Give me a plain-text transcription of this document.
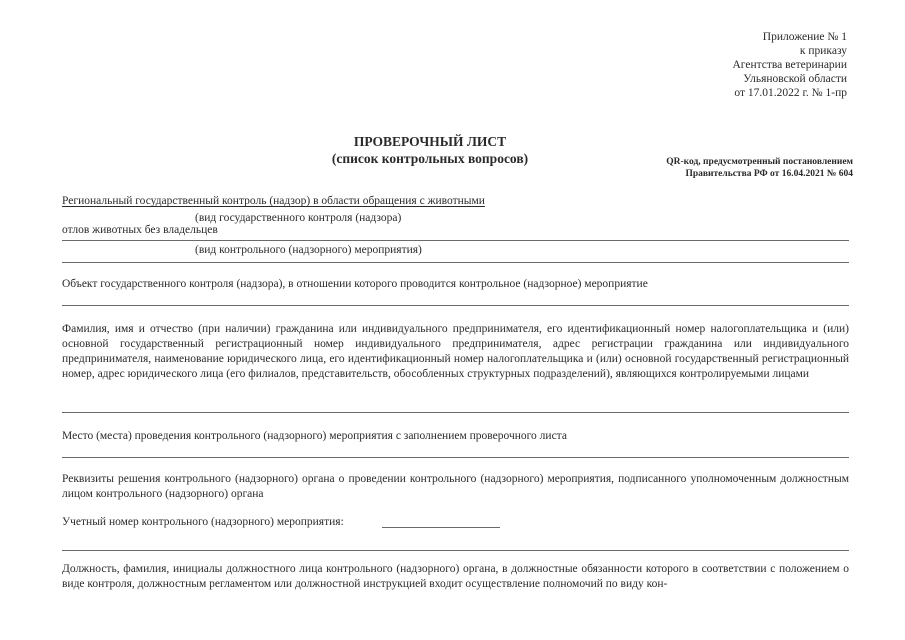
Приложение № 1
к приказу
Агентства ветеринарии
Ульяновской области
от 17.01.2022 г. № 1-пр
ПРОВЕРОЧНЫЙ ЛИСТ
(список контрольных вопросов)	QR-код, предусмотренный постановлением
Правительства РФ от 16.04.2021 № 604
Региональный государственный контроль (надзор) в области обращения с животными
(вид государственного контроля (надзора)
отлов животных без владельцев
(вид контрольного (надзорного) мероприятия)
Объект государственного контроля (надзора), в отношении которого проводится контрольное (надзорное) мероприятие
Фамилия, имя и отчество (при наличии) гражданина или индивидуального предпринимателя, его идентификационный номер налогоплательщика и (или) основной государственный регистрационный номер индивидуального предпринимателя, адрес регистрации гражданина или индивидуального предпринимателя, наименование юридического лица, его идентификационный номер налогоплательщика и (или) основной государственный регистрационный номер, адрес юридического лица (его филиалов, представительств, обособленных структурных подразделений), являющихся контролируемыми лицами
Место (места) проведения контрольного (надзорного) мероприятия с заполнением проверочного листа
Реквизиты решения контрольного (надзорного) органа о проведении контрольного (надзорного) мероприятия, подписанного уполномоченным должностным лицом контрольного (надзорного) органа
Учетный номер контрольного (надзорного) мероприятия:
Должность, фамилия, инициалы должностного лица контрольного (надзорного) органа, в должностные обязанности которого в соответствии с положением о виде контроля, должностным регламентом или должностной инструкцией входит осуществление полномочий по виду кон-
